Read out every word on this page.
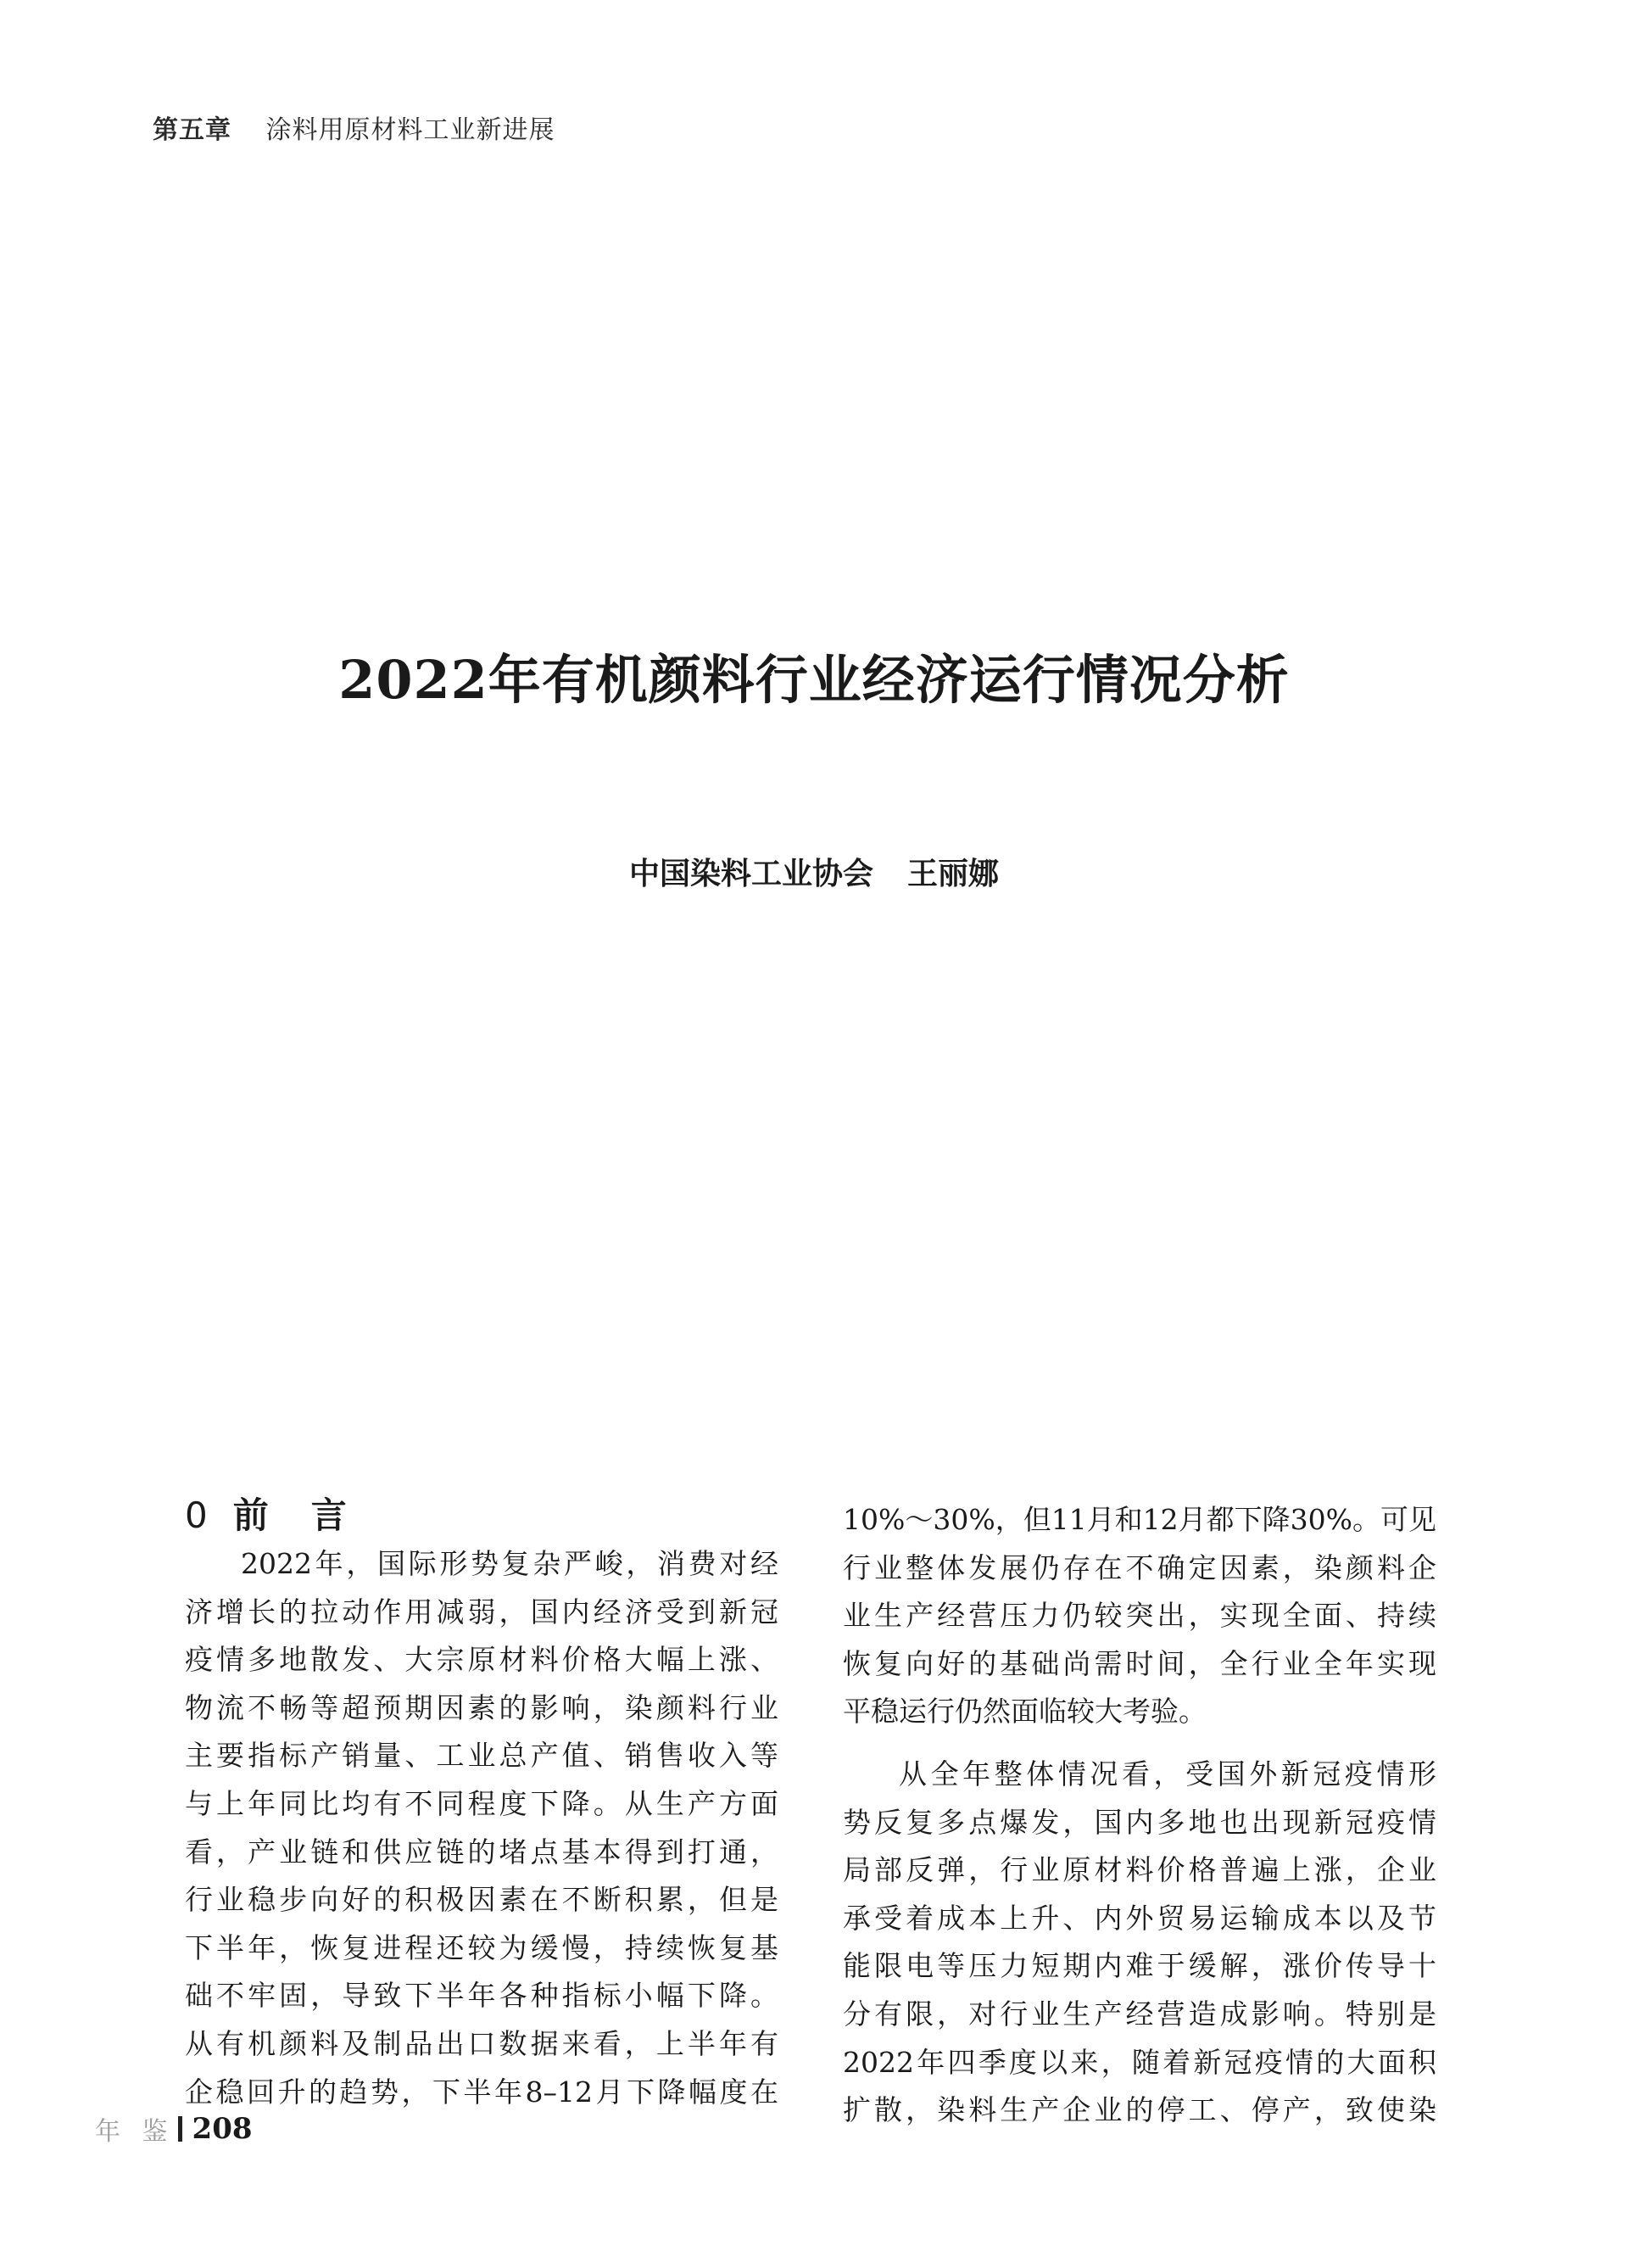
第五章 涂料用原材料工业新进展
2022年有机颜料行业经济运行情况分析
中国染料工业协会 王丽娜
0 前　言
2022年，国际形势复杂严峻，消费对经
济增长的拉动作用减弱，国内经济受到新冠
疫情多地散发、大宗原材料价格大幅上涨、
物流不畅等超预期因素的影响，染颜料行业
主要指标产销量、工业总产值、销售收入等
与上年同比均有不同程度下降。从生产方面
看，产业链和供应链的堵点基本得到打通，
行业稳步向好的积极因素在不断积累，但是
下半年，恢复进程还较为缓慢，持续恢复基
础不牢固，导致下半年各种指标小幅下降。
从有机颜料及制品出口数据来看，上半年有
企稳回升的趋势，下半年8–12月下降幅度在
10%～30%，但11月和12月都下降30%。可见
行业整体发展仍存在不确定因素，染颜料企
业生产经营压力仍较突出，实现全面、持续
恢复向好的基础尚需时间，全行业全年实现
平稳运行仍然面临较大考验。
从全年整体情况看，受国外新冠疫情形
势反复多点爆发，国内多地也出现新冠疫情
局部反弹，行业原材料价格普遍上涨，企业
承受着成本上升、内外贸易运输成本以及节
能限电等压力短期内难于缓解，涨价传导十
分有限，对行业生产经营造成影响。特别是
2022年四季度以来，随着新冠疫情的大面积
扩散，染料生产企业的停工、停产，致使染
年 鉴 208
